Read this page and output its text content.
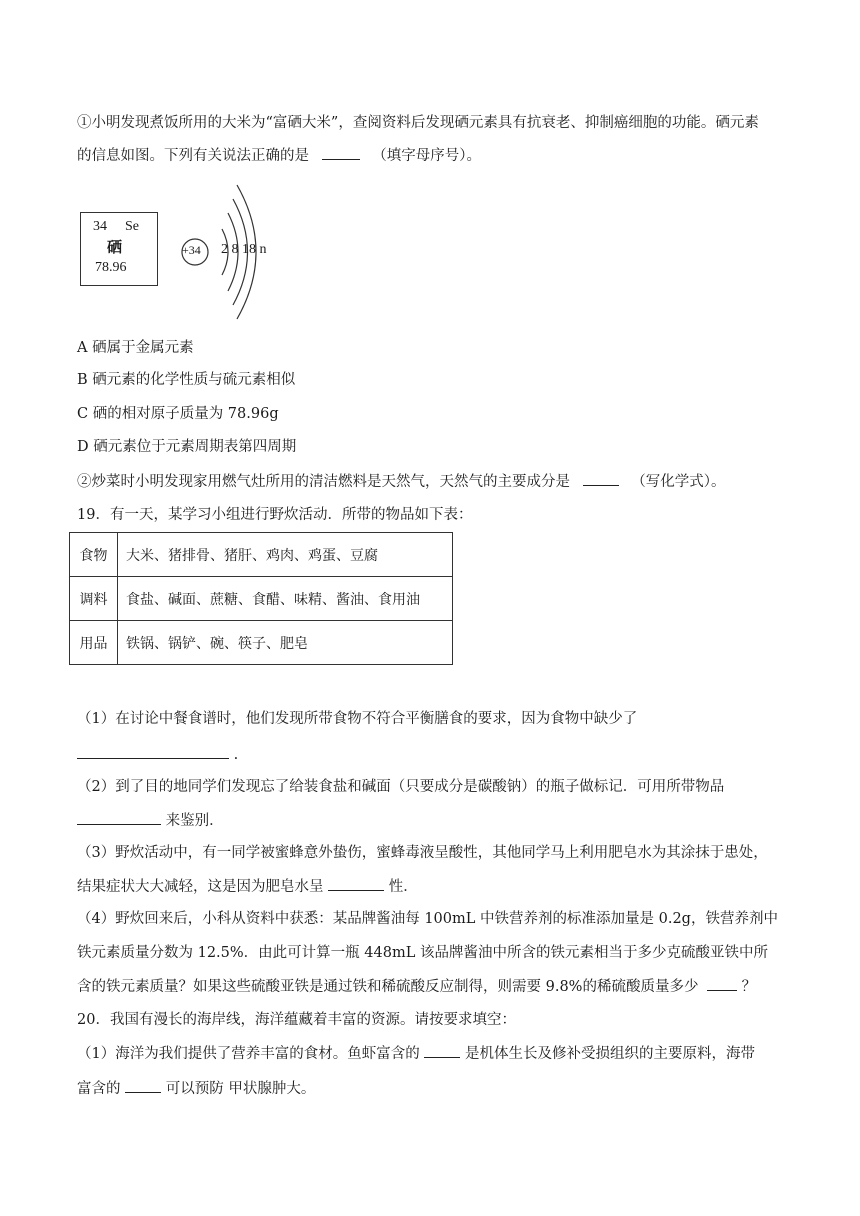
①小明发现煮饭所用的大米为“富硒大米”，查阅资料后发现硒元素具有抗衰老、抑制癌细胞的功能。硒元素
的信息如图。下列有关说法正确的是	（填字母序号）。
34 Se
硒
78.96
+34 2 8 18 n
A 硒属于金属元素
B 硒元素的化学性质与硫元素相似
C 硒的相对原子质量为 78.96g
D 硒元素位于元素周期表第四周期
②炒菜时小明发现家用燃气灶所用的清洁燃料是天然气，天然气的主要成分是	（写化学式）。
19．有一天，某学习小组进行野炊活动．所带的物品如下表：
食物	大米、猪排骨、猪肝、鸡肉、鸡蛋、豆腐
调料	食盐、碱面、蔗糖、食醋、味精、酱油、食用油
用品	铁锅、锅铲、碗、筷子、肥皂
（1）在讨论中餐食谱时，他们发现所带食物不符合平衡膳食的要求，因为食物中缺少了
.
（2）到了目的地同学们发现忘了给装食盐和碱面（只要成分是碳酸钠）的瓶子做标记．可用所带物品
来鉴别．
（3）野炊活动中，有一同学被蜜蜂意外蛰伤，蜜蜂毒液呈酸性，其他同学马上利用肥皂水为其涂抹于患处，
结果症状大大减轻，这是因为肥皂水呈	性．
（4）野炊回来后，小科从资料中获悉：某品牌酱油每 100mL 中铁营养剂的标准添加量是 0.2g，铁营养剂中
铁元素质量分数为 12.5%．由此可计算一瓶 448mL 该品牌酱油中所含的铁元素相当于多少克硫酸亚铁中所
含的铁元素质量？如果这些硫酸亚铁是通过铁和稀硫酸反应制得，则需要 9.8%的稀硫酸质量多少	？
20．我国有漫长的海岸线，海洋蕴藏着丰富的资源。请按要求填空：
（1）海洋为我们提供了营养丰富的食材。鱼虾富含的	是机体生长及修补受损组织的主要原料，海带
富含的	可以预防 甲状腺肿大。
